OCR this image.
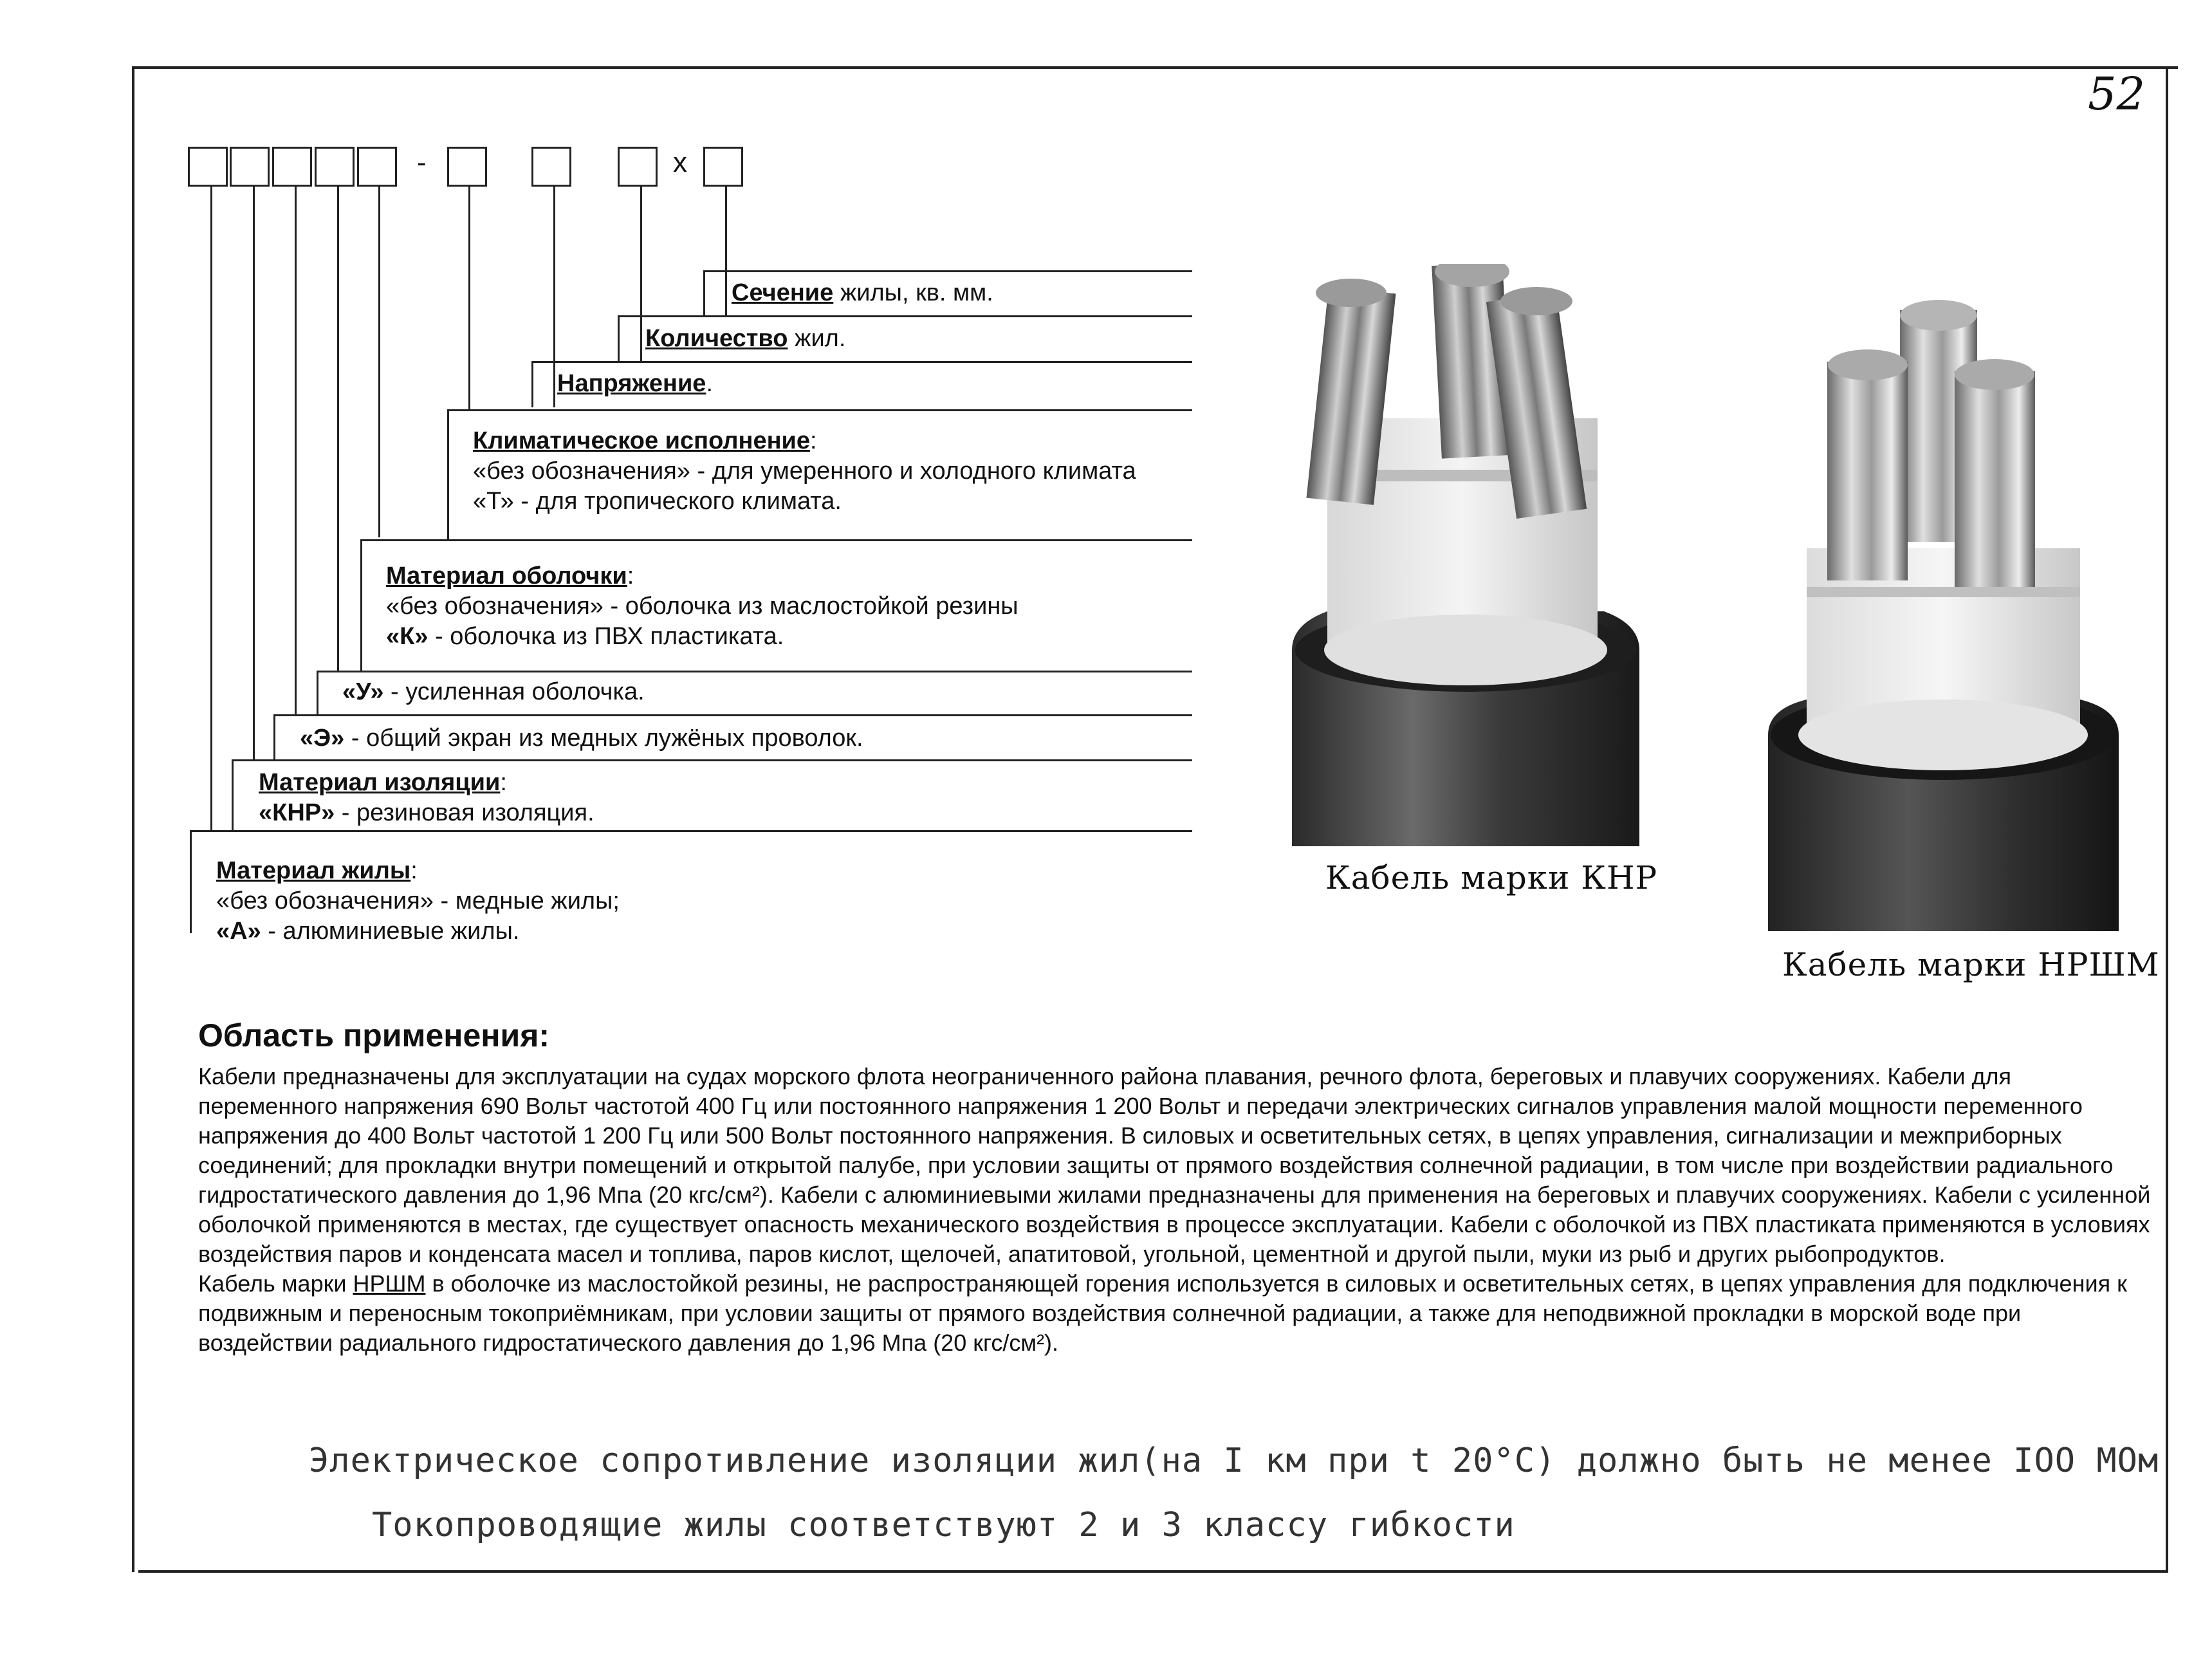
52
-	x
Сечение жилы, кв. мм.
Количество жил.
Напряжение.
Климатическое исполнение:
«без обозначения» - для умеренного и холодного климата
«Т» - для тропического климата.
Материал оболочки:
«без обозначения» - оболочка из маслостойкой резины
«К» - оболочка из ПВХ пластиката.
«У» - усиленная оболочка.
«Э» - общий экран из медных лужёных проволок.
Материал изоляции:
«КНР» - резиновая изоляция.
Материал жилы:
«без обозначения» - медные жилы;
«А» - алюминиевые жилы.
Кабель марки КНР
Кабель марки НРШМ
Область применения:

Кабели предназначены для эксплуатации на судах морского флота неограниченного района плавания, речного флота, береговых и плавучих сооружениях. Кабели для переменного напряжения 690 Вольт частотой 400 Гц или постоянного напряжения 1 200 Вольт и передачи электрических сигналов управления малой мощности переменного напряжения до 400 Вольт частотой 1 200 Гц или 500 Вольт постоянного напряжения. В силовых и осветительных сетях, в цепях управления, сигнализации и межприборных соединений; для прокладки внутри помещений и открытой палубе, при условии защиты от прямого воздействия солнечной радиации, в том числе при воздействии радиального гидростатического давления до 1,96 Мпа (20 кгс/см²). Кабели с алюминиевыми жилами предназначены для применения на береговых и плавучих сооружениях. Кабели с усиленной оболочкой применяются в местах, где существует опасность механического воздействия в процессе эксплуатации. Кабели с оболочкой из ПВХ пластиката применяются в условиях воздействия паров и конденсата масел и топлива, паров кислот, щелочей, апатитовой, угольной, цементной и другой пыли, муки из рыб и других рыбопродуктов.

Кабель марки НРШМ в оболочке из маслостойкой резины, не распространяющей горения используется в силовых и осветительных сетях, в цепях управления для подключения к подвижным и переносным токоприёмникам, при условии защиты от прямого воздействия солнечной радиации, а также для неподвижной прокладки в морской воде при воздействии радиального гидростатического давления до 1,96 Мпа (20 кгс/см²).

Электрическое сопротивление изоляции жил(на I км при t 20°С) должно быть не менее IOO MOм
Токопроводящие жилы соответствуют 2 и 3 классу гибкости
